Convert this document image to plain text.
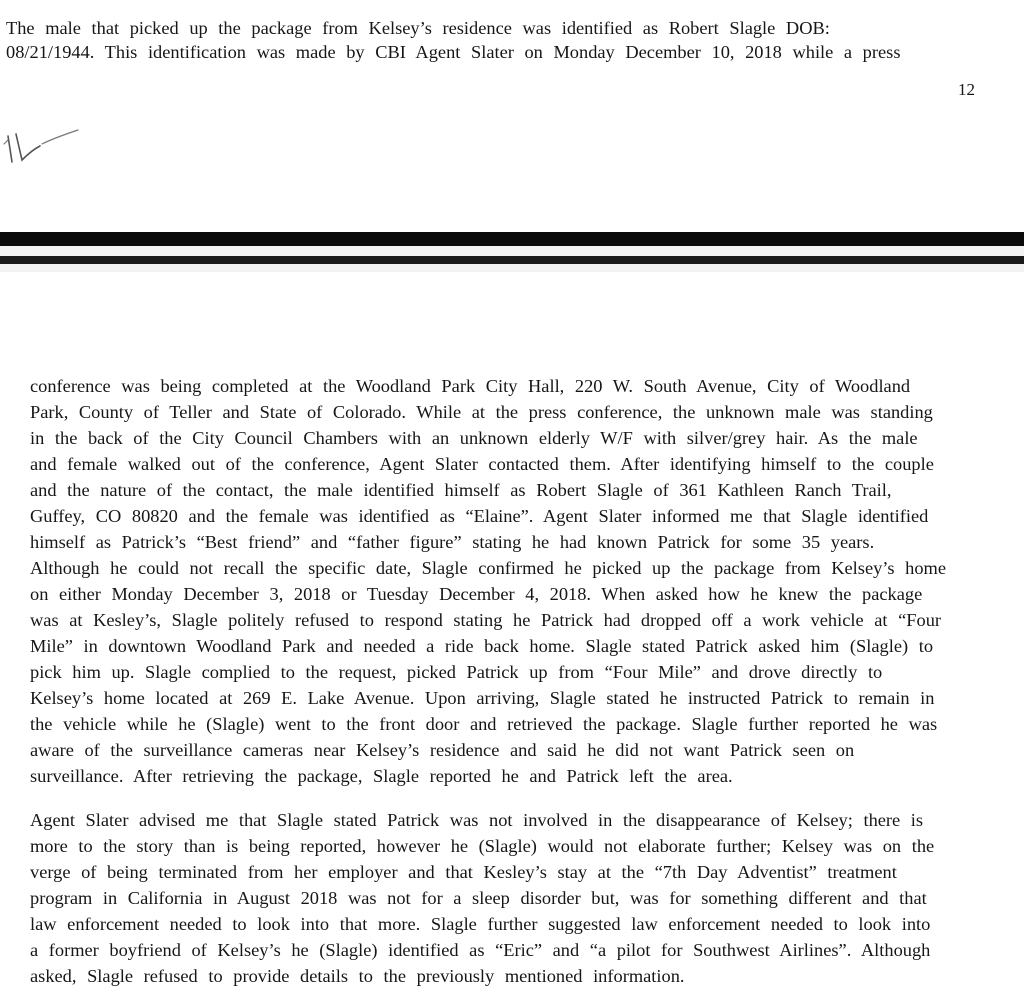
The male that picked up the package from Kelsey’s residence was identified as Robert Slagle DOB:
08/21/1944. This identification was made by CBI Agent Slater on Monday December 10, 2018 while a press
12
conference was being completed at the Woodland Park City Hall, 220 W. South Avenue, City of Woodland
Park, County of Teller and State of Colorado. While at the press conference, the unknown male was standing
in the back of the City Council Chambers with an unknown elderly W/F with silver/grey hair. As the male
and female walked out of the conference, Agent Slater contacted them. After identifying himself to the couple
and the nature of the contact, the male identified himself as Robert Slagle of 361 Kathleen Ranch Trail,
Guffey, CO 80820 and the female was identified as “Elaine”. Agent Slater informed me that Slagle identified
himself as Patrick’s “Best friend” and “father figure” stating he had known Patrick for some 35 years.
Although he could not recall the specific date, Slagle confirmed he picked up the package from Kelsey’s home
on either Monday December 3, 2018 or Tuesday December 4, 2018. When asked how he knew the package
was at Kesley’s, Slagle politely refused to respond stating he Patrick had dropped off a work vehicle at “Four
Mile” in downtown Woodland Park and needed a ride back home. Slagle stated Patrick asked him (Slagle) to
pick him up. Slagle complied to the request, picked Patrick up from “Four Mile” and drove directly to
Kelsey’s home located at 269 E. Lake Avenue. Upon arriving, Slagle stated he instructed Patrick to remain in
the vehicle while he (Slagle) went to the front door and retrieved the package. Slagle further reported he was
aware of the surveillance cameras near Kelsey’s residence and said he did not want Patrick seen on
surveillance. After retrieving the package, Slagle reported he and Patrick left the area.
Agent Slater advised me that Slagle stated Patrick was not involved in the disappearance of Kelsey; there is
more to the story than is being reported, however he (Slagle) would not elaborate further; Kelsey was on the
verge of being terminated from her employer and that Kesley’s stay at the “7th Day Adventist” treatment
program in California in August 2018 was not for a sleep disorder but, was for something different and that
law enforcement needed to look into that more. Slagle further suggested law enforcement needed to look into
a former boyfriend of Kelsey’s he (Slagle) identified as “Eric” and “a pilot for Southwest Airlines”. Although
asked, Slagle refused to provide details to the previously mentioned information.
